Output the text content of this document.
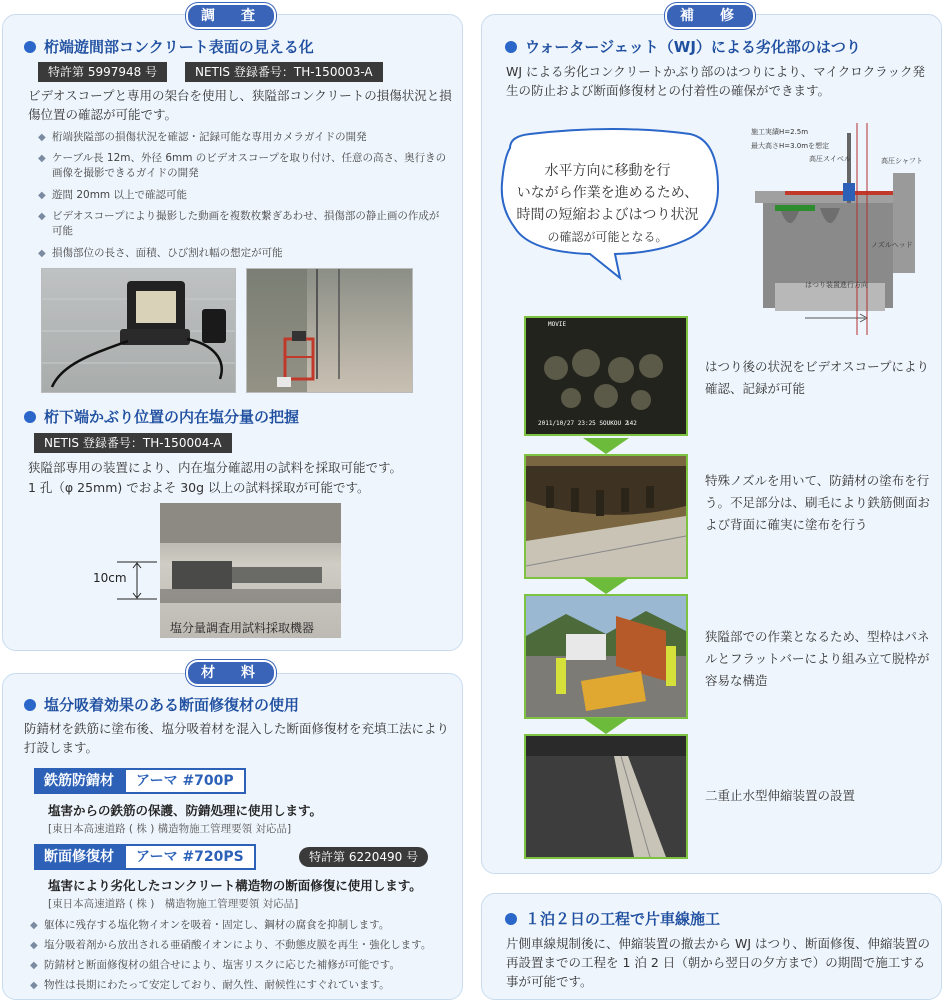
調　査
桁端遊間部コンクリート表面の見える化
特許第 5997948 号	NETIS 登録番号：TH-150003-A
ビデオスコープと専用の架台を使用し、狭隘部コンクリートの損傷状況と損傷位置の確認が可能です。
◆ 桁端狭隘部の損傷状況を確認・記録可能な専用カメラガイドの開発
◆ ケーブル長 12m、外径 6mm のビデオスコープを取り付け、任意の高さ、奥行きの画像を撮影できるガイドの開発
◆ 遊間 20mm 以上で確認可能
◆ ビデオスコープにより撮影した動画を複数枚繋ぎあわせ、損傷部の静止画の作成が可能
◆ 損傷部位の長さ、面積、ひび割れ幅の想定が可能
桁下端かぶり位置の内在塩分量の把握
NETIS 登録番号：TH-150004-A
狭隘部専用の装置により、内在塩分確認用の試料を採取可能です。
1 孔（φ 25mm) でおよそ 30g 以上の試料採取が可能です。
10cm
塩分量調査用試料採取機器
材　料
塩分吸着効果のある断面修復材の使用
防錆材を鉄筋に塗布後、塩分吸着材を混入した断面修復材を充填工法により打設します。
鉄筋防錆材	アーマ #700P
塩害からの鉄筋の保護、防錆処理に使用します。
[東日本高速道路 ( 株 ) 構造物施工管理要領 対応品]
断面修復材	アーマ #720PS	特許第 6220490 号
塩害により劣化したコンクリート構造物の断面修復に使用します。
[東日本高速道路 ( 株 )　構造物施工管理要領 対応品]
◆ 躯体に残存する塩化物イオンを吸着・固定し、鋼材の腐食を抑制します。
◆ 塩分吸着剤から放出される亜硝酸イオンにより、不動態皮膜を再生・強化します。
◆ 防錆材と断面修復材の組合せにより、塩害リスクに応じた補修が可能です。
◆ 物性は長期にわたって安定しており、耐久性、耐候性にすぐれています。
補　修
ウォータージェット（WJ）による劣化部のはつり
WJ による劣化コンクリートかぶり部のはつりにより、マイクロクラック発生の防止および断面修復材との付着性の確保ができます。
水平方向に移動を行
いながら作業を進めるため、
時間の短縮およびはつり状況
の確認が可能となる。
施工実績H=2.5m
最大高さH=3.0mを想定
高圧スイベル	高圧シャフト
ノズルヘッド
はつり装置進行方向
MOVIE
2011/10/27 23:25 SOUKOU 2
142
はつり後の状況をビデオスコープにより確認、記録が可能
特殊ノズルを用いて、防錆材の塗布を行う。不足部分は、刷毛により鉄筋側面および背面に確実に塗布を行う
狭隘部での作業となるため、型枠はパネルとフラットバーにより組み立て脱枠が容易な構造
二重止水型伸縮装置の設置
１泊２日の工程で片車線施工
片側車線規制後に、伸縮装置の撤去から WJ はつり、断面修復、伸縮装置の再設置までの工程を 1 泊 2 日（朝から翌日の夕方まで）の期間で施工する事が可能です。
